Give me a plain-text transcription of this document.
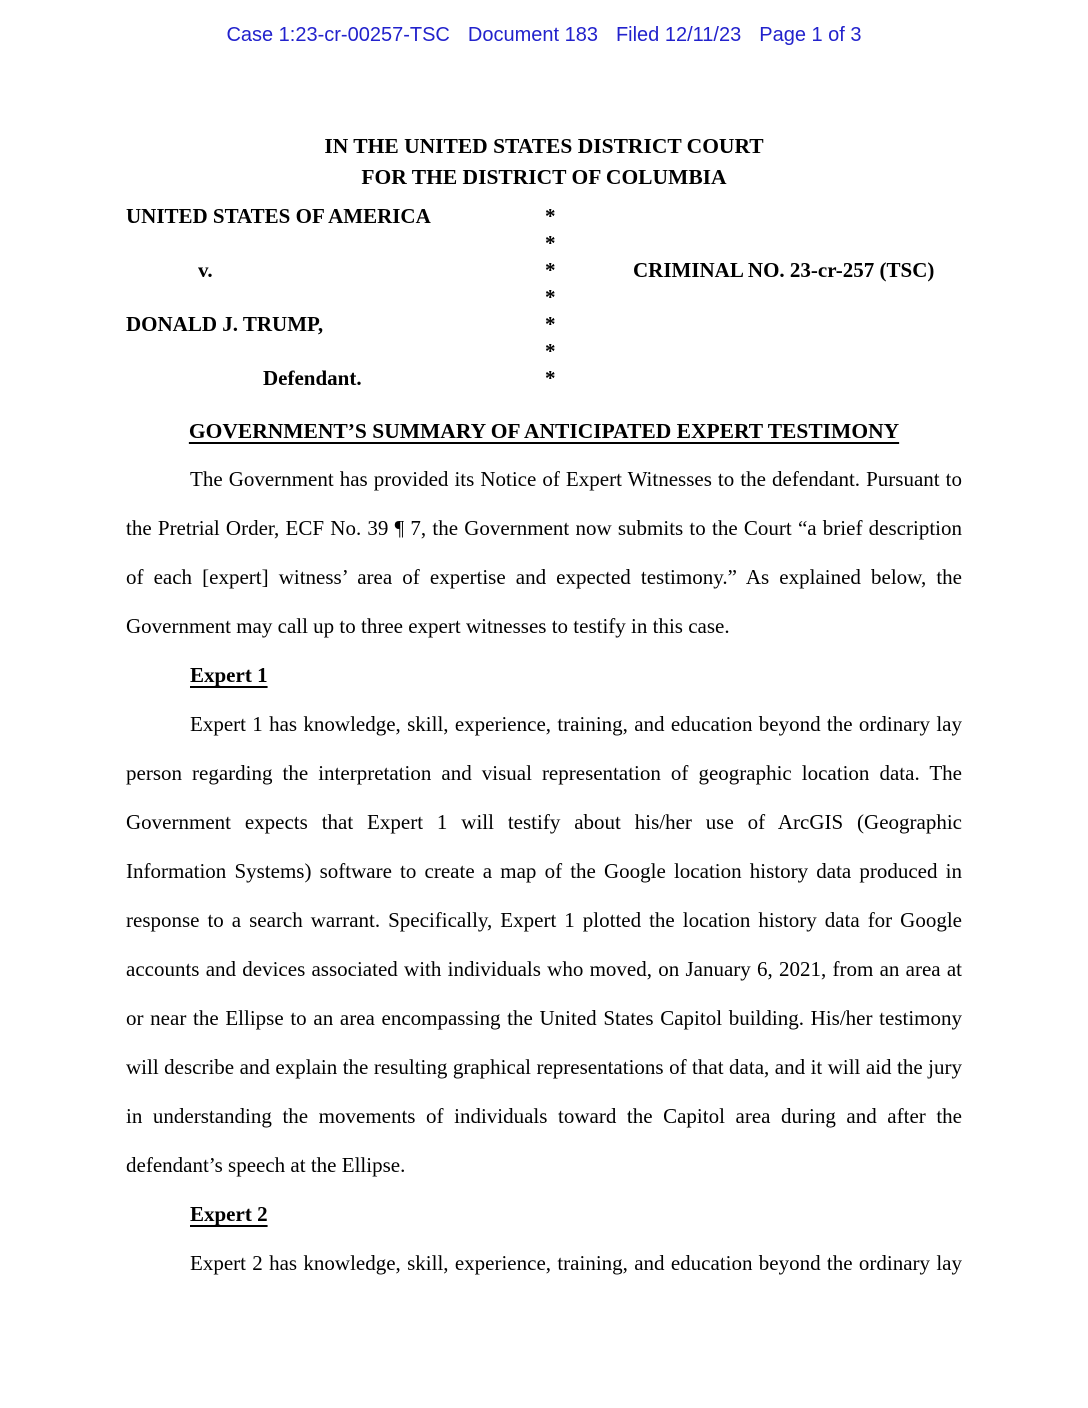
Case 1:23-cr-00257-TSC Document 183 Filed 12/11/23 Page 1 of 3
IN THE UNITED STATES DISTRICT COURT
FOR THE DISTRICT OF COLUMBIA
UNITED STATES OF AMERICA
v.
DONALD J. TRUMP,
Defendant.
*
*
*
*
*
*
*
CRIMINAL NO. 23-cr-257 (TSC)
GOVERNMENT’S SUMMARY OF ANTICIPATED EXPERT TESTIMONY

The Government has provided its Notice of Expert Witnesses to the defendant. Pursuant to the Pretrial Order, ECF No. 39 ¶ 7, the Government now submits to the Court “a brief description of each [expert] witness’ area of expertise and expected testimony.” As explained below, the Government may call up to three expert witnesses to testify in this case.

Expert 1

Expert 1 has knowledge, skill, experience, training, and education beyond the ordinary lay person regarding the interpretation and visual representation of geographic location data. The Government expects that Expert 1 will testify about his/her use of ArcGIS (Geographic Information Systems) software to create a map of the Google location history data produced in response to a search warrant. Specifically, Expert 1 plotted the location history data for Google accounts and devices associated with individuals who moved, on January 6, 2021, from an area at or near the Ellipse to an area encompassing the United States Capitol building. His/her testimony will describe and explain the resulting graphical representations of that data, and it will aid the jury in understanding the movements of individuals toward the Capitol area during and after the defendant’s speech at the Ellipse.

Expert 2

Expert 2 has knowledge, skill, experience, training, and education beyond the ordinary lay
